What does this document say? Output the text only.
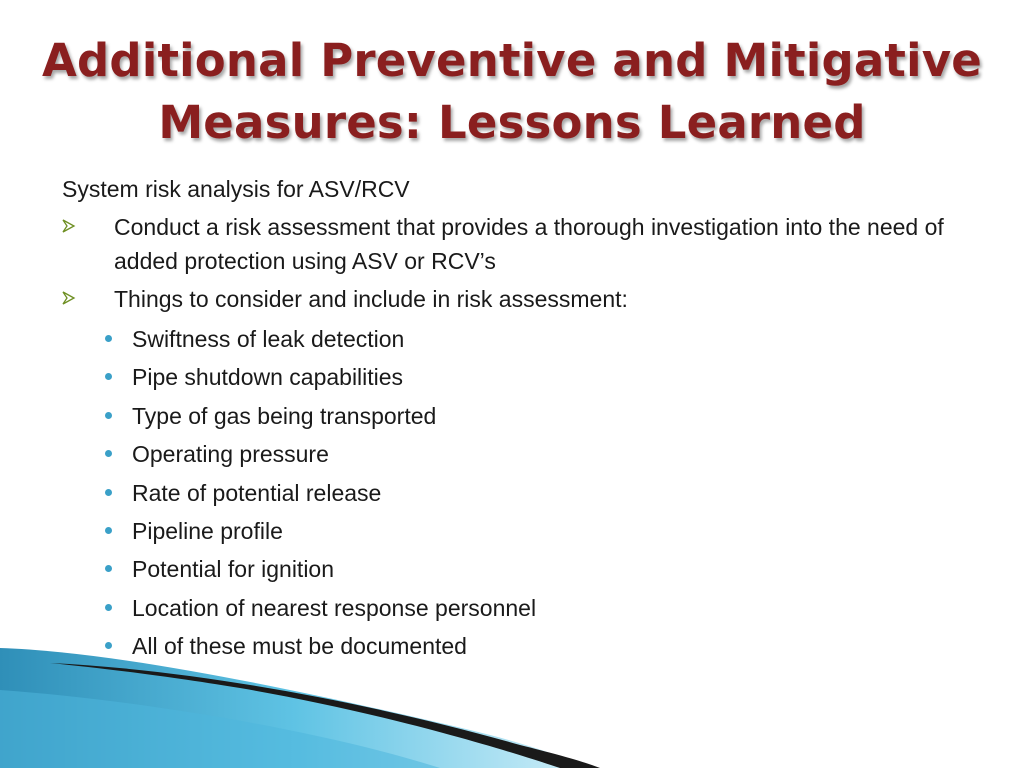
Additional Preventive and Mitigative
Measures: Lessons Learned
System risk analysis for ASV/RCV
Conduct a risk assessment that provides a thorough investigation into the need of added protection using ASV or RCV’s
Things to consider and include in risk assessment:
Swiftness of leak detection
Pipe shutdown capabilities
Type of gas being transported
Operating pressure
Rate of potential release
Pipeline profile
Potential for ignition
Location of nearest response personnel
All of these must be documented
